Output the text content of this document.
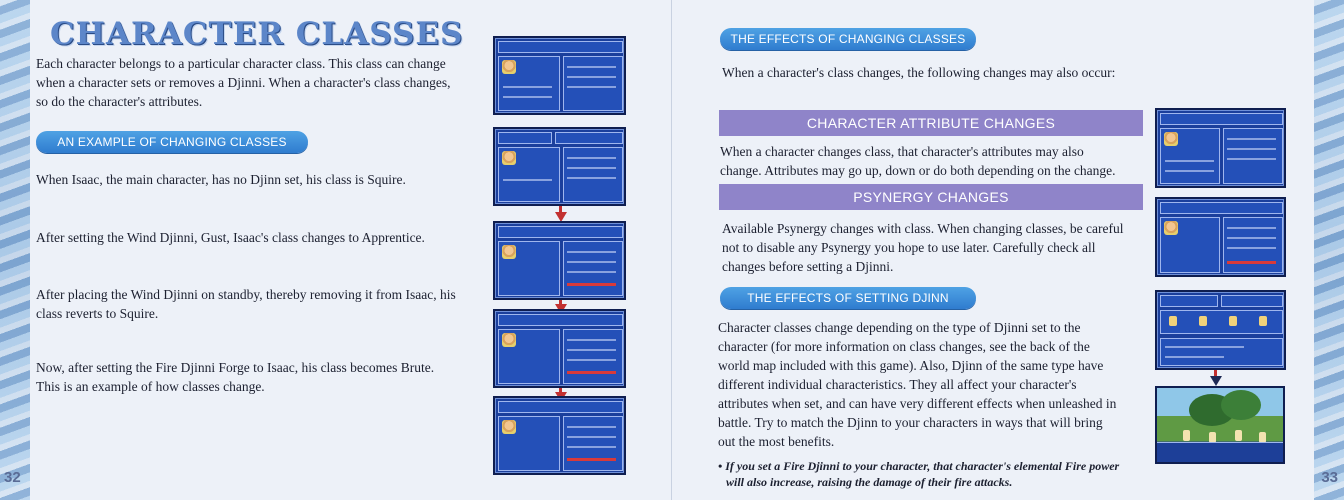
CHARACTER CLASSES
Each character belongs to a particular character class. This class can change
when a character sets or removes a Djinni. When a character's class changes,
so do the character's attributes.
AN EXAMPLE OF CHANGING CLASSES
When Isaac, the main character, has no Djinn set, his class is Squire.
After setting the Wind Djinni, Gust, Isaac's class changes to Apprentice.
After placing the Wind Djinni on standby, thereby removing it from Isaac, his
class reverts to Squire.
Now, after setting the Fire Djinni Forge to Isaac, his class becomes Brute.
This is an example of how classes change.
32
THE EFFECTS OF CHANGING CLASSES
When a character's class changes, the following changes may also occur:
CHARACTER ATTRIBUTE CHANGES
When a character changes class, that character's attributes may also
change. Attributes may go up, down or do both depending on the change.
PSYNERGY CHANGES
Available Psynergy changes with class. When changing classes, be careful
not to disable any Psynergy you hope to use later. Carefully check all
changes before setting a Djinni.
THE EFFECTS OF SETTING DJINN
Character classes change depending on the type of Djinni set to the
character (for more information on class changes, see the back of the
world map included with this game). Also, Djinn of the same type have
different individual characteristics. They all affect your character's
attributes when set, and can have very different effects when unleashed in
battle. Try to match the Djinn to your characters in ways that will bring
out the most benefits.
• If you set a Fire Djinni to your character, that character's elemental Fire power
will also increase, raising the damage of their fire attacks.	33
